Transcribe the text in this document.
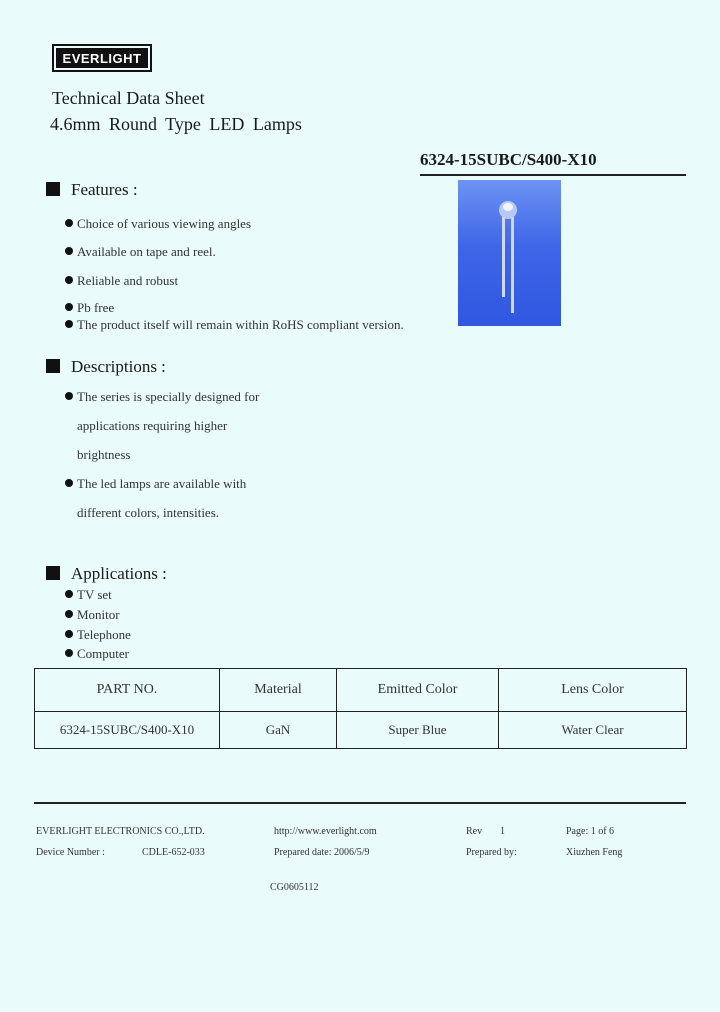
EVERLIGHT
Technical Data Sheet
4.6mm Round Type LED Lamps
6324-15SUBC/S400-X10
Features :
Choice of various viewing angles
Available on tape and reel.
Reliable and robust
Pb free
The product itself will remain within RoHS compliant version.
Descriptions :
The series is specially designed for
applications requiring higher
brightness
The led lamps are available with
different colors, intensities.
Applications :
TV set
Monitor
Telephone
Computer
PART NO.	Material	Emitted Color	Lens Color
6324-15SUBC/S400-X10	GaN	Super Blue	Water Clear
EVERLIGHT ELECTRONICS CO.,LTD.	http://www.everlight.com	Rev 1	Page: 1 of 6
Device Number :	CDLE-652-033	Prepared date: 2006/5/9	Prepared by:	Xiuzhen Feng
CG0605112
